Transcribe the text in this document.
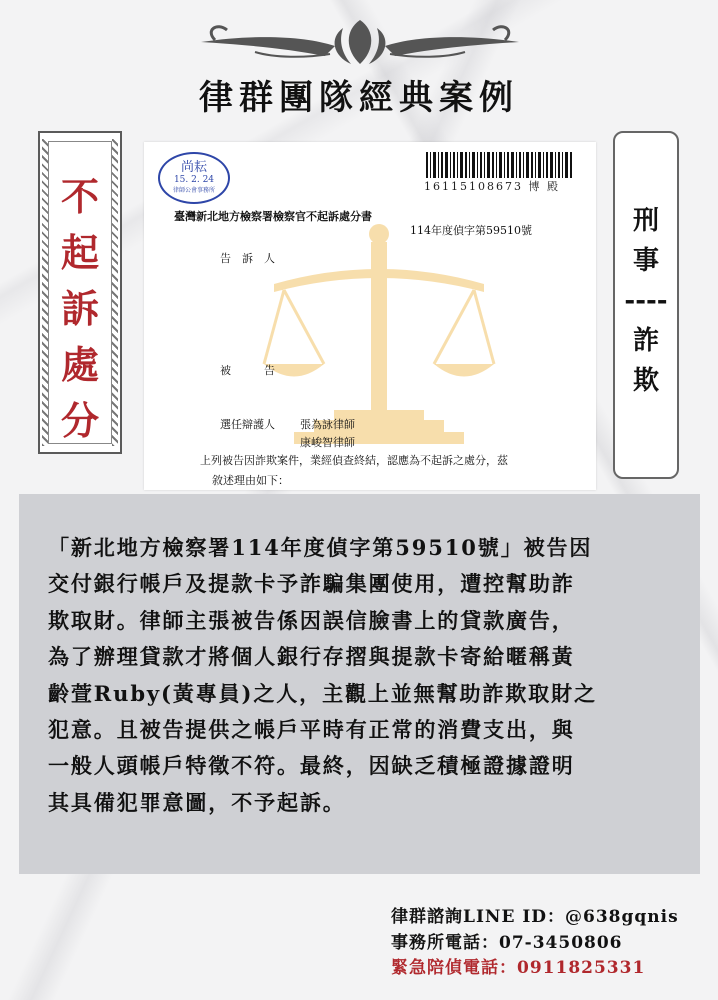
律群團隊經典案例
不
起
訴
處
分
刑
事
----
詐
欺
尚耘
15. 2. 24
律師公會事務所	16115108673 博 殿
臺灣新北地方檢察署檢察官不起訴處分書
114年度偵字第59510號
告　訴　人
被　　　告
選任辯護人 張為詠律師
康峻智律師
上列被告因詐欺案件，業經偵查終結，認應為不起訴之處分，茲
敘述理由如下：
「新北地方檢察署114年度偵字第59510號」被告因
交付銀行帳戶及提款卡予詐騙集團使用，遭控幫助詐
欺取財。律師主張被告係因誤信臉書上的貸款廣告，
為了辦理貸款才將個人銀行存摺與提款卡寄給暱稱黃
齡萱Ruby(黃專員)之人，主觀上並無幫助詐欺取財之
犯意。且被告提供之帳戶平時有正常的消費支出，與
一般人頭帳戶特徵不符。最終，因缺乏積極證據證明
其具備犯罪意圖，不予起訴。
律群諮詢LINE ID：@638gqnis
事務所電話：07-3450806
緊急陪偵電話：0911825331
